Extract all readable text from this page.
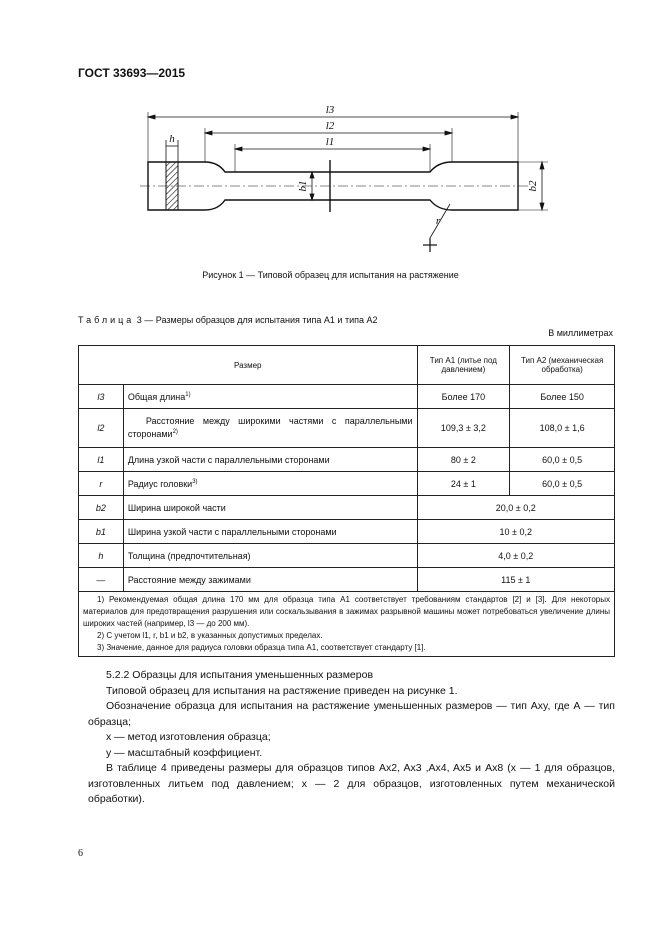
ГОСТ 33693—2015
l3
l2
l1
h
b1	b2
r
Рисунок 1 — Типовой образец для испытания на растяжение
Таблица 3 — Размеры образцов для испытания типа А1 и типа А2
В миллиметрах
Размер		Тип А1 (литье под давлением)	Тип А2 (механическая обработка)
l3	Общая длина$^{1)}$	Более 170	Более 150
l2	Расстояние между широкими частями с параллельными сторонами$^{2)}$	109,3 ± 3,2	108,0 ± 1,6
l1	Длина узкой части с параллельными сторонами	80 ± 2	60,0 ± 0,5
r	Радиус головки$^{3)}$	24 ± 1	60,0 ± 0,5
b2	Ширина широкой части	20,0 ± 0,2	
b1	Ширина узкой части с параллельными сторонами	10 ± 0,2	
h	Толщина (предпочтительная)	4,0 ± 0,2	
—	Расстояние между зажимами	115 ± 1	

1) Рекомендуемая общая длина 170 мм для образца типа А1 соответствует требованиям стандартов [2] и [3]. Для некоторых материалов для предотвращения разрушения или соскальзывания в зажимах разрывной машины может потребоваться увеличение длины широких частей (например, l3 — до 200 мм).

2) С учетом l1, r, b1 и b2, в указанных допустимых пределах.

3) Значение, данное для радиуса головки образца типа А1, соответствует стандарту [1].			

5.2.2 Образцы для испытания уменьшенных размеров

Типовой образец для испытания на растяжение приведен на рисунке 1.

Обозначение образца для испытания на растяжение уменьшенных размеров — тип Axy, где А — тип образца;

x — метод изготовления образца;

y — масштабный коэффициент.

В таблице 4 приведены размеры для образцов типов Ax2, Ax3 ,Ax4, Ax5 и Ax8 (x — 1 для образцов, изготовленных литьем под давлением; x — 2 для образцов, изготовленных путем механической обработки).

6
